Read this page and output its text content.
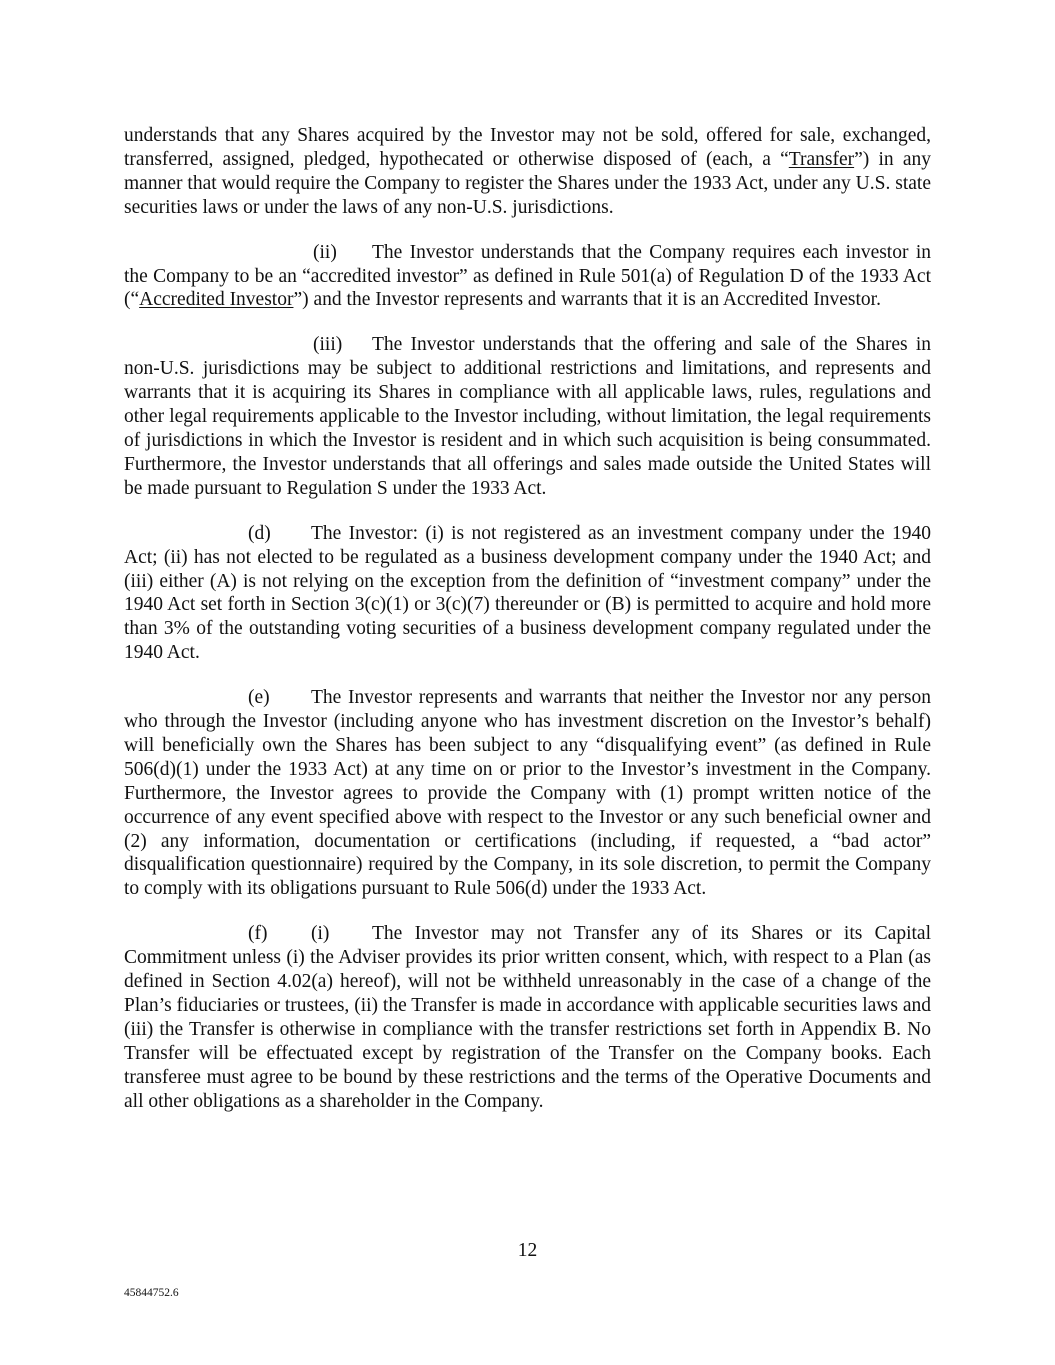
understands that any Shares acquired by the Investor may not be sold, offered for sale, exchanged, transferred, assigned, pledged, hypothecated or otherwise disposed of (each, a “Transfer”) in any manner that would require the Company to register the Shares under the 1933 Act, under any U.S. state securities laws or under the laws of any non-U.S. jurisdictions.

(ii) The Investor understands that the Company requires each investor in the Company to be an “accredited investor” as defined in Rule 501(a) of Regulation D of the 1933 Act (“Accredited Investor”) and the Investor represents and warrants that it is an Accredited Investor.

(iii) The Investor understands that the offering and sale of the Shares in non-U.S. jurisdictions may be subject to additional restrictions and limitations, and represents and warrants that it is acquiring its Shares in compliance with all applicable laws, rules, regulations and other legal requirements applicable to the Investor including, without limitation, the legal requirements of jurisdictions in which the Investor is resident and in which such acquisition is being consummated. Furthermore, the Investor understands that all offerings and sales made outside the United States will be made pursuant to Regulation S under the 1933 Act.

(d) The Investor: (i) is not registered as an investment company under the 1940 Act; (ii) has not elected to be regulated as a business development company under the 1940 Act; and (iii) either (A) is not relying on the exception from the definition of “investment company” under the 1940 Act set forth in Section 3(c)(1) or 3(c)(7) thereunder or (B) is permitted to acquire and hold more than 3% of the outstanding voting securities of a business development company regulated under the 1940 Act.

(e) The Investor represents and warrants that neither the Investor nor any person who through the Investor (including anyone who has investment discretion on the Investor’s behalf) will beneficially own the Shares has been subject to any “disqualifying event” (as defined in Rule 506(d)(1) under the 1933 Act) at any time on or prior to the Investor’s investment in the Company. Furthermore, the Investor agrees to provide the Company with (1) prompt written notice of the occurrence of any event specified above with respect to the Investor or any such beneficial owner and (2) any information, documentation or certifications (including, if requested, a “bad actor” disqualification questionnaire) required by the Company, in its sole discretion, to permit the Company to comply with its obligations pursuant to Rule 506(d) under the 1933 Act.

(f) (i) The Investor may not Transfer any of its Shares or its Capital Commitment unless (i) the Adviser provides its prior written consent, which, with respect to a Plan (as defined in Section 4.02(a) hereof), will not be withheld unreasonably in the case of a change of the Plan’s fiduciaries or trustees, (ii) the Transfer is made in accordance with applicable securities laws and (iii) the Transfer is otherwise in compliance with the transfer restrictions set forth in Appendix B. No Transfer will be effectuated except by registration of the Transfer on the Company books. Each transferee must agree to be bound by these restrictions and the terms of the Operative Documents and all other obligations as a shareholder in the Company.

12
45844752.6
